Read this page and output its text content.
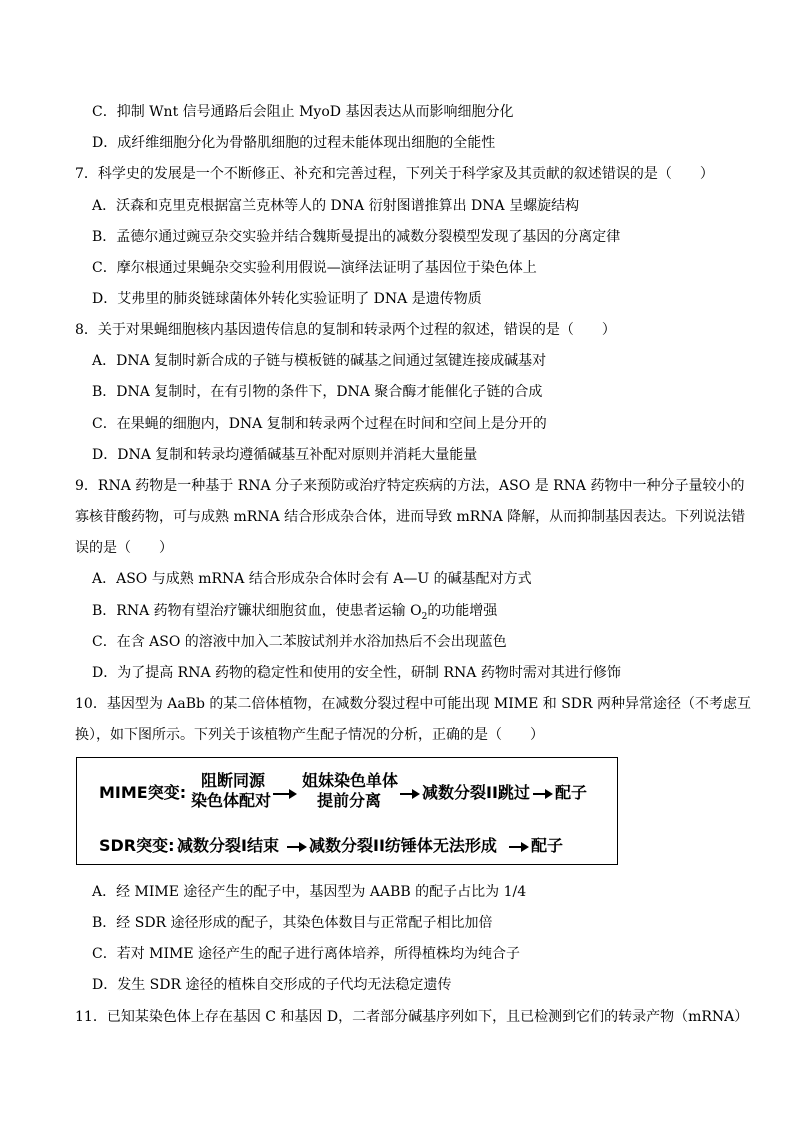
C．抑制 Wnt 信号通路后会阻止 MyoD 基因表达从而影响细胞分化
D．成纤维细胞分化为骨骼肌细胞的过程未能体现出细胞的全能性
7．科学史的发展是一个不断修正、补充和完善过程，下列关于科学家及其贡献的叙述错误的是（　　）
A．沃森和克里克根据富兰克林等人的 DNA 衍射图谱推算出 DNA 呈螺旋结构
B．孟德尔通过豌豆杂交实验并结合魏斯曼提出的减数分裂模型发现了基因的分离定律
C．摩尔根通过果蝇杂交实验利用假说—演绎法证明了基因位于染色体上
D．艾弗里的肺炎链球菌体外转化实验证明了 DNA 是遗传物质
8．关于对果蝇细胞核内基因遗传信息的复制和转录两个过程的叙述，错误的是（　　）
A．DNA 复制时新合成的子链与模板链的碱基之间通过氢键连接成碱基对
B．DNA 复制时，在有引物的条件下，DNA 聚合酶才能催化子链的合成
C．在果蝇的细胞内，DNA 复制和转录两个过程在时间和空间上是分开的
D．DNA 复制和转录均遵循碱基互补配对原则并消耗大量能量
9．RNA 药物是一种基于 RNA 分子来预防或治疗特定疾病的方法，ASO 是 RNA 药物中一种分子量较小的
寡核苷酸药物，可与成熟 mRNA 结合形成杂合体，进而导致 mRNA 降解，从而抑制基因表达。下列说法错
误的是（　　）
A．ASO 与成熟 mRNA 结合形成杂合体时会有 A—U 的碱基配对方式
B．RNA 药物有望治疗镰状细胞贫血，使患者运输 $O_2$的功能增强
C．在含 ASO 的溶液中加入二苯胺试剂并水浴加热后不会出现蓝色
D．为了提高 RNA 药物的稳定性和使用的安全性，研制 RNA 药物时需对其进行修饰
10．基因型为 AaBb 的某二倍体植物，在减数分裂过程中可能出现 MIME 和 SDR 两种异常途径（不考虑互
换），如下图所示。下列关于该植物产生配子情况的分析，正确的是（　　）
MIME突变:
阻断同源
染色体配对
姐妹染色单体
提前分离	减数分裂II跳过 配子
SDR突变: 减数分裂I结束 减数分裂II纺锤体无法形成 配子
A．经 MIME 途径产生的配子中，基因型为 AABB 的配子占比为 1/4
B．经 SDR 途径形成的配子，其染色体数目与正常配子相比加倍
C．若对 MIME 途径产生的配子进行离体培养，所得植株均为纯合子
D．发生 SDR 途径的植株自交形成的子代均无法稳定遗传
11．已知某染色体上存在基因 C 和基因 D，二者部分碱基序列如下，且已检测到它们的转录产物（mRNA）
